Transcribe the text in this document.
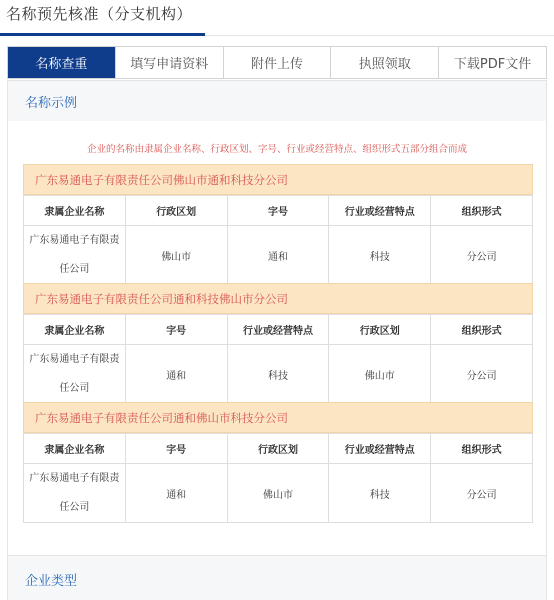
名称预先核准（分支机构）
名称查重	填写申请资料	附件上传	执照领取	下载PDF文件
名称示例
企业的名称由隶属企业名称、行政区划、字号、行业或经营特点、组织形式五部分组合而成
广东易通电子有限责任公司佛山市通和科技分公司
隶属企业名称	行政区划	字号	行业或经营特点	组织形式
广东易通电子有限责任公司	佛山市	通和	科技	分公司
广东易通电子有限责任公司通和科技佛山市分公司
隶属企业名称	字号	行业或经营特点	行政区划	组织形式
广东易通电子有限责任公司	通和	科技	佛山市	分公司
广东易通电子有限责任公司通和佛山市科技分公司
隶属企业名称	字号	行政区划	行业或经营特点	组织形式
广东易通电子有限责任公司	通和	佛山市	科技	分公司
企业类型
